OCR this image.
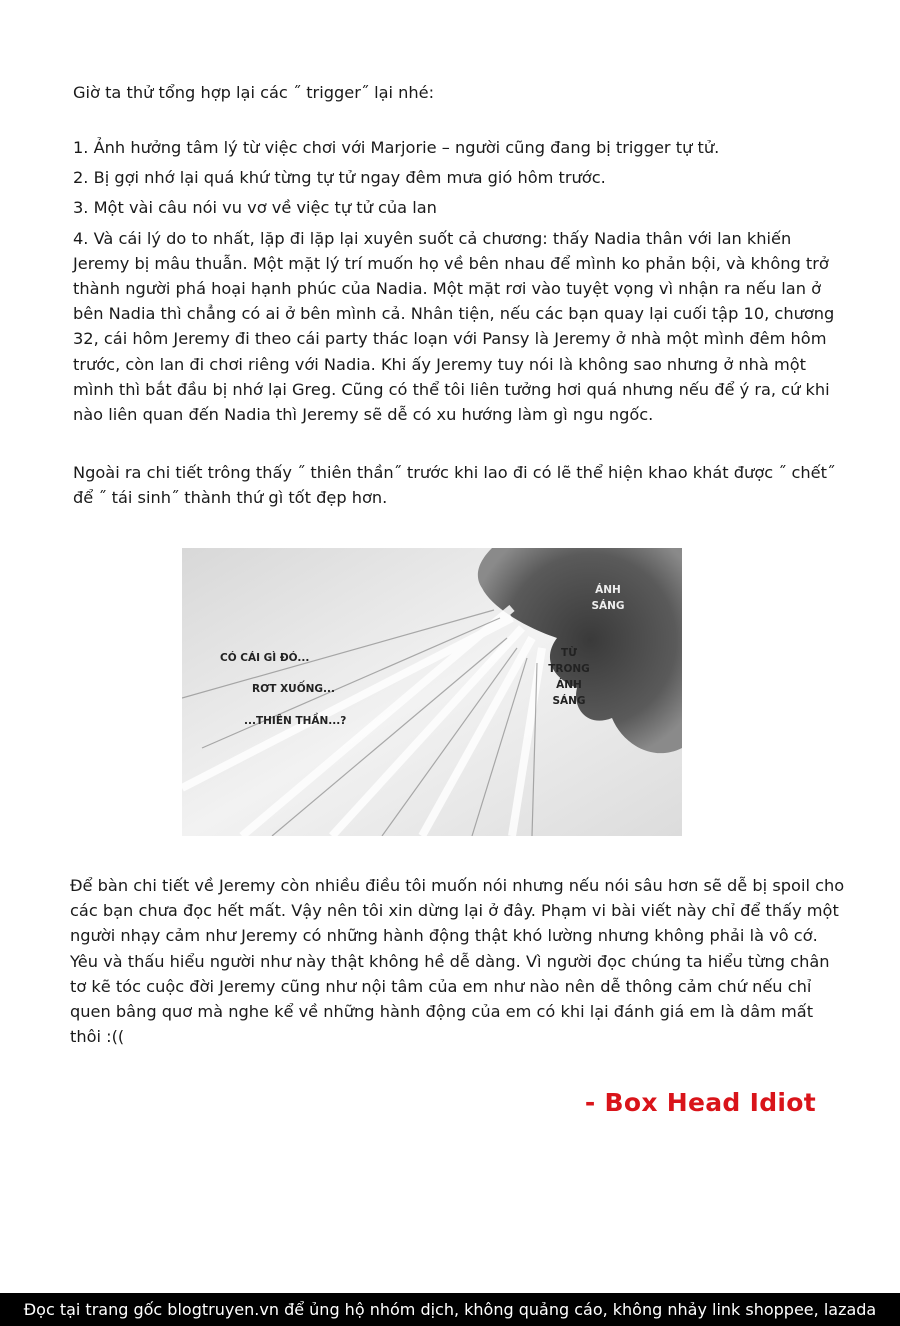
Giờ ta thử tổng hợp lại các ˝ trigger˝ lại nhé:
1. Ảnh hưởng tâm lý từ việc chơi với Marjorie – người cũng đang bị trigger tự tử.
2. Bị gợi nhớ lại quá khứ từng tự tử ngay đêm mưa gió hôm trước.
3. Một vài câu nói vu vơ về việc tự tử của lan
4. Và cái lý do to nhất, lặp đi lặp lại xuyên suốt cả chương: thấy Nadia thân với lan khiến Jeremy bị mâu thuẫn. Một mặt lý trí muốn họ về bên nhau để mình ko phản bội, và không trở thành người phá hoại hạnh phúc của Nadia. Một mặt rơi vào tuyệt vọng vì nhận ra nếu lan ở bên Nadia thì chẳng có ai ở bên mình cả. Nhân tiện, nếu các bạn quay lại cuối tập 10, chương 32, cái hôm Jeremy đi theo cái party thác loạn với Pansy là Jeremy ở nhà một mình đêm hôm trước, còn lan đi chơi riêng với Nadia. Khi ấy Jeremy tuy nói là không sao nhưng ở nhà một mình thì bắt đầu bị nhớ lại Greg. Cũng có thể tôi liên tưởng hơi quá nhưng nếu để ý ra, cứ khi nào liên quan đến Nadia thì Jeremy sẽ dễ có xu hướng làm gì ngu ngốc.
Ngoài ra chi tiết trông thấy ˝ thiên thần˝ trước khi lao đi có lẽ thể hiện khao khát được ˝ chết˝ để ˝ tái sinh˝ thành thứ gì tốt đẹp hơn.
CÓ CÁI GÌ ĐÓ...
RƠT XUỐNG...
...THIÊN THẦN...?
ÁNH SÁNG
TỪ TRONG ÁNH SÁNG
Để bàn chi tiết về Jeremy còn nhiều điều tôi muốn nói nhưng nếu nói sâu hơn sẽ dễ bị spoil cho các bạn chưa đọc hết mất. Vậy nên tôi xin dừng lại ở đây. Phạm vi bài viết này chỉ để thấy một người nhạy cảm như Jeremy có những hành động thật khó lường nhưng không phải là vô cớ. Yêu và thấu hiểu người như này thật không hề dễ dàng. Vì người đọc chúng ta hiểu từng chân tơ kẽ tóc cuộc đời Jeremy cũng như nội tâm của em như nào nên dễ thông cảm chứ nếu chỉ quen bâng quơ mà nghe kể về những hành động của em có khi lại đánh giá em là dâm mất thôi :((
- Box Head Idiot
Đọc tại trang gốc blogtruyen.vn để ủng hộ nhóm dịch, không quảng cáo, không nhảy link shoppee, lazada
